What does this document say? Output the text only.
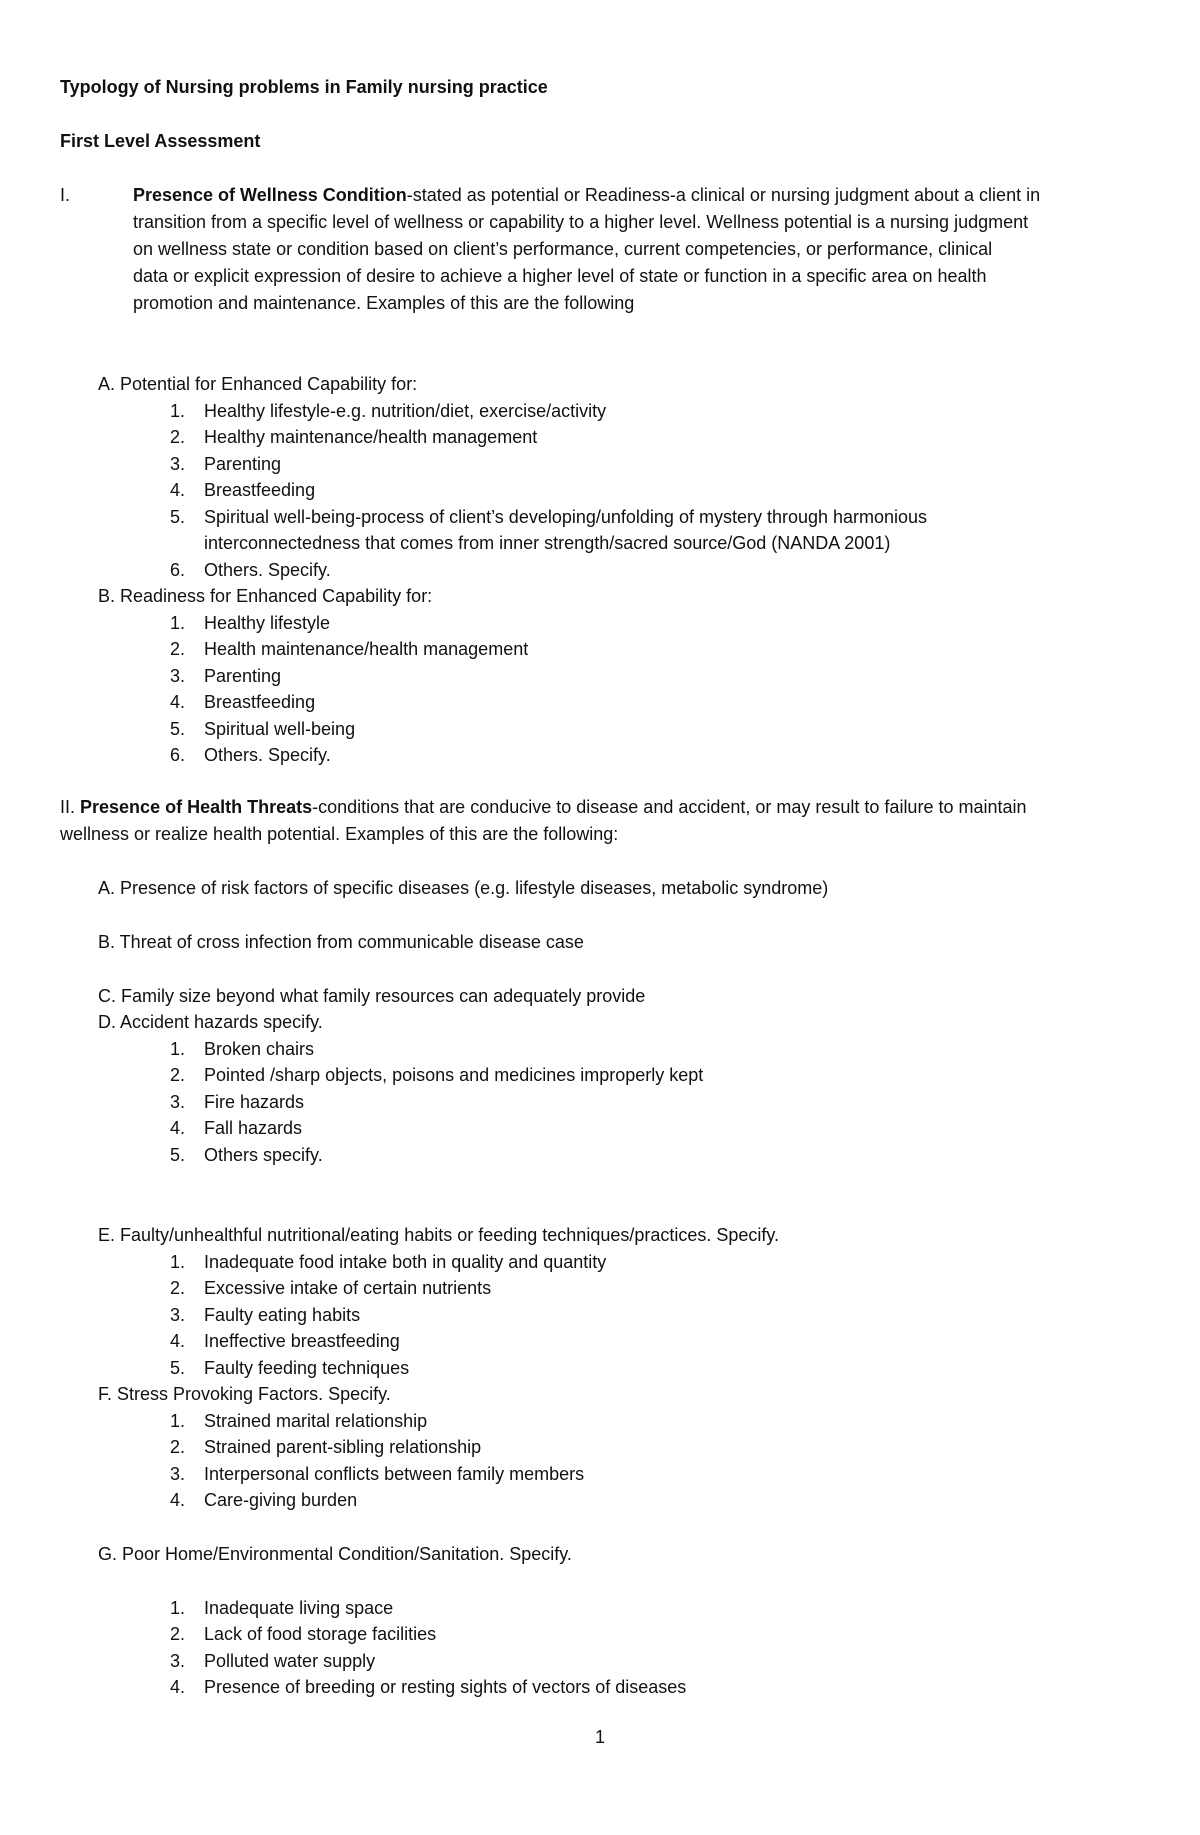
Typology of Nursing problems in Family nursing practice
First Level Assessment
I.	Presence of Wellness Condition-stated as potential or Readiness-a clinical or nursing judgment about a client in
transition from a specific level of wellness or capability to a higher level. Wellness potential is a nursing judgment
on wellness state or condition based on client’s performance, current competencies, or performance, clinical
data or explicit expression of desire to achieve a higher level of state or function in a specific area on health
promotion and maintenance. Examples of this are the following
A. Potential for Enhanced Capability for:
1. Healthy lifestyle-e.g. nutrition/diet, exercise/activity
2. Healthy maintenance/health management
3. Parenting
4. Breastfeeding
5. Spiritual well-being-process of client’s developing/unfolding of mystery through harmonious
interconnectedness that comes from inner strength/sacred source/God (NANDA 2001)
6. Others. Specify.
B. Readiness for Enhanced Capability for:
1. Healthy lifestyle
2. Health maintenance/health management
3. Parenting
4. Breastfeeding
5. Spiritual well-being
6. Others. Specify.
II. Presence of Health Threats-conditions that are conducive to disease and accident, or may result to failure to maintain
wellness or realize health potential. Examples of this are the following:
A. Presence of risk factors of specific diseases (e.g. lifestyle diseases, metabolic syndrome)
B. Threat of cross infection from communicable disease case
C. Family size beyond what family resources can adequately provide
D. Accident hazards specify.
1. Broken chairs
2. Pointed /sharp objects, poisons and medicines improperly kept
3. Fire hazards
4. Fall hazards
5. Others specify.
E. Faulty/unhealthful nutritional/eating habits or feeding techniques/practices. Specify.
1. Inadequate food intake both in quality and quantity
2. Excessive intake of certain nutrients
3. Faulty eating habits
4. Ineffective breastfeeding
5. Faulty feeding techniques
F. Stress Provoking Factors. Specify.
1. Strained marital relationship
2. Strained parent-sibling relationship
3. Interpersonal conflicts between family members
4. Care-giving burden
G. Poor Home/Environmental Condition/Sanitation. Specify.
1. Inadequate living space
2. Lack of food storage facilities
3. Polluted water supply
4. Presence of breeding or resting sights of vectors of diseases
1
